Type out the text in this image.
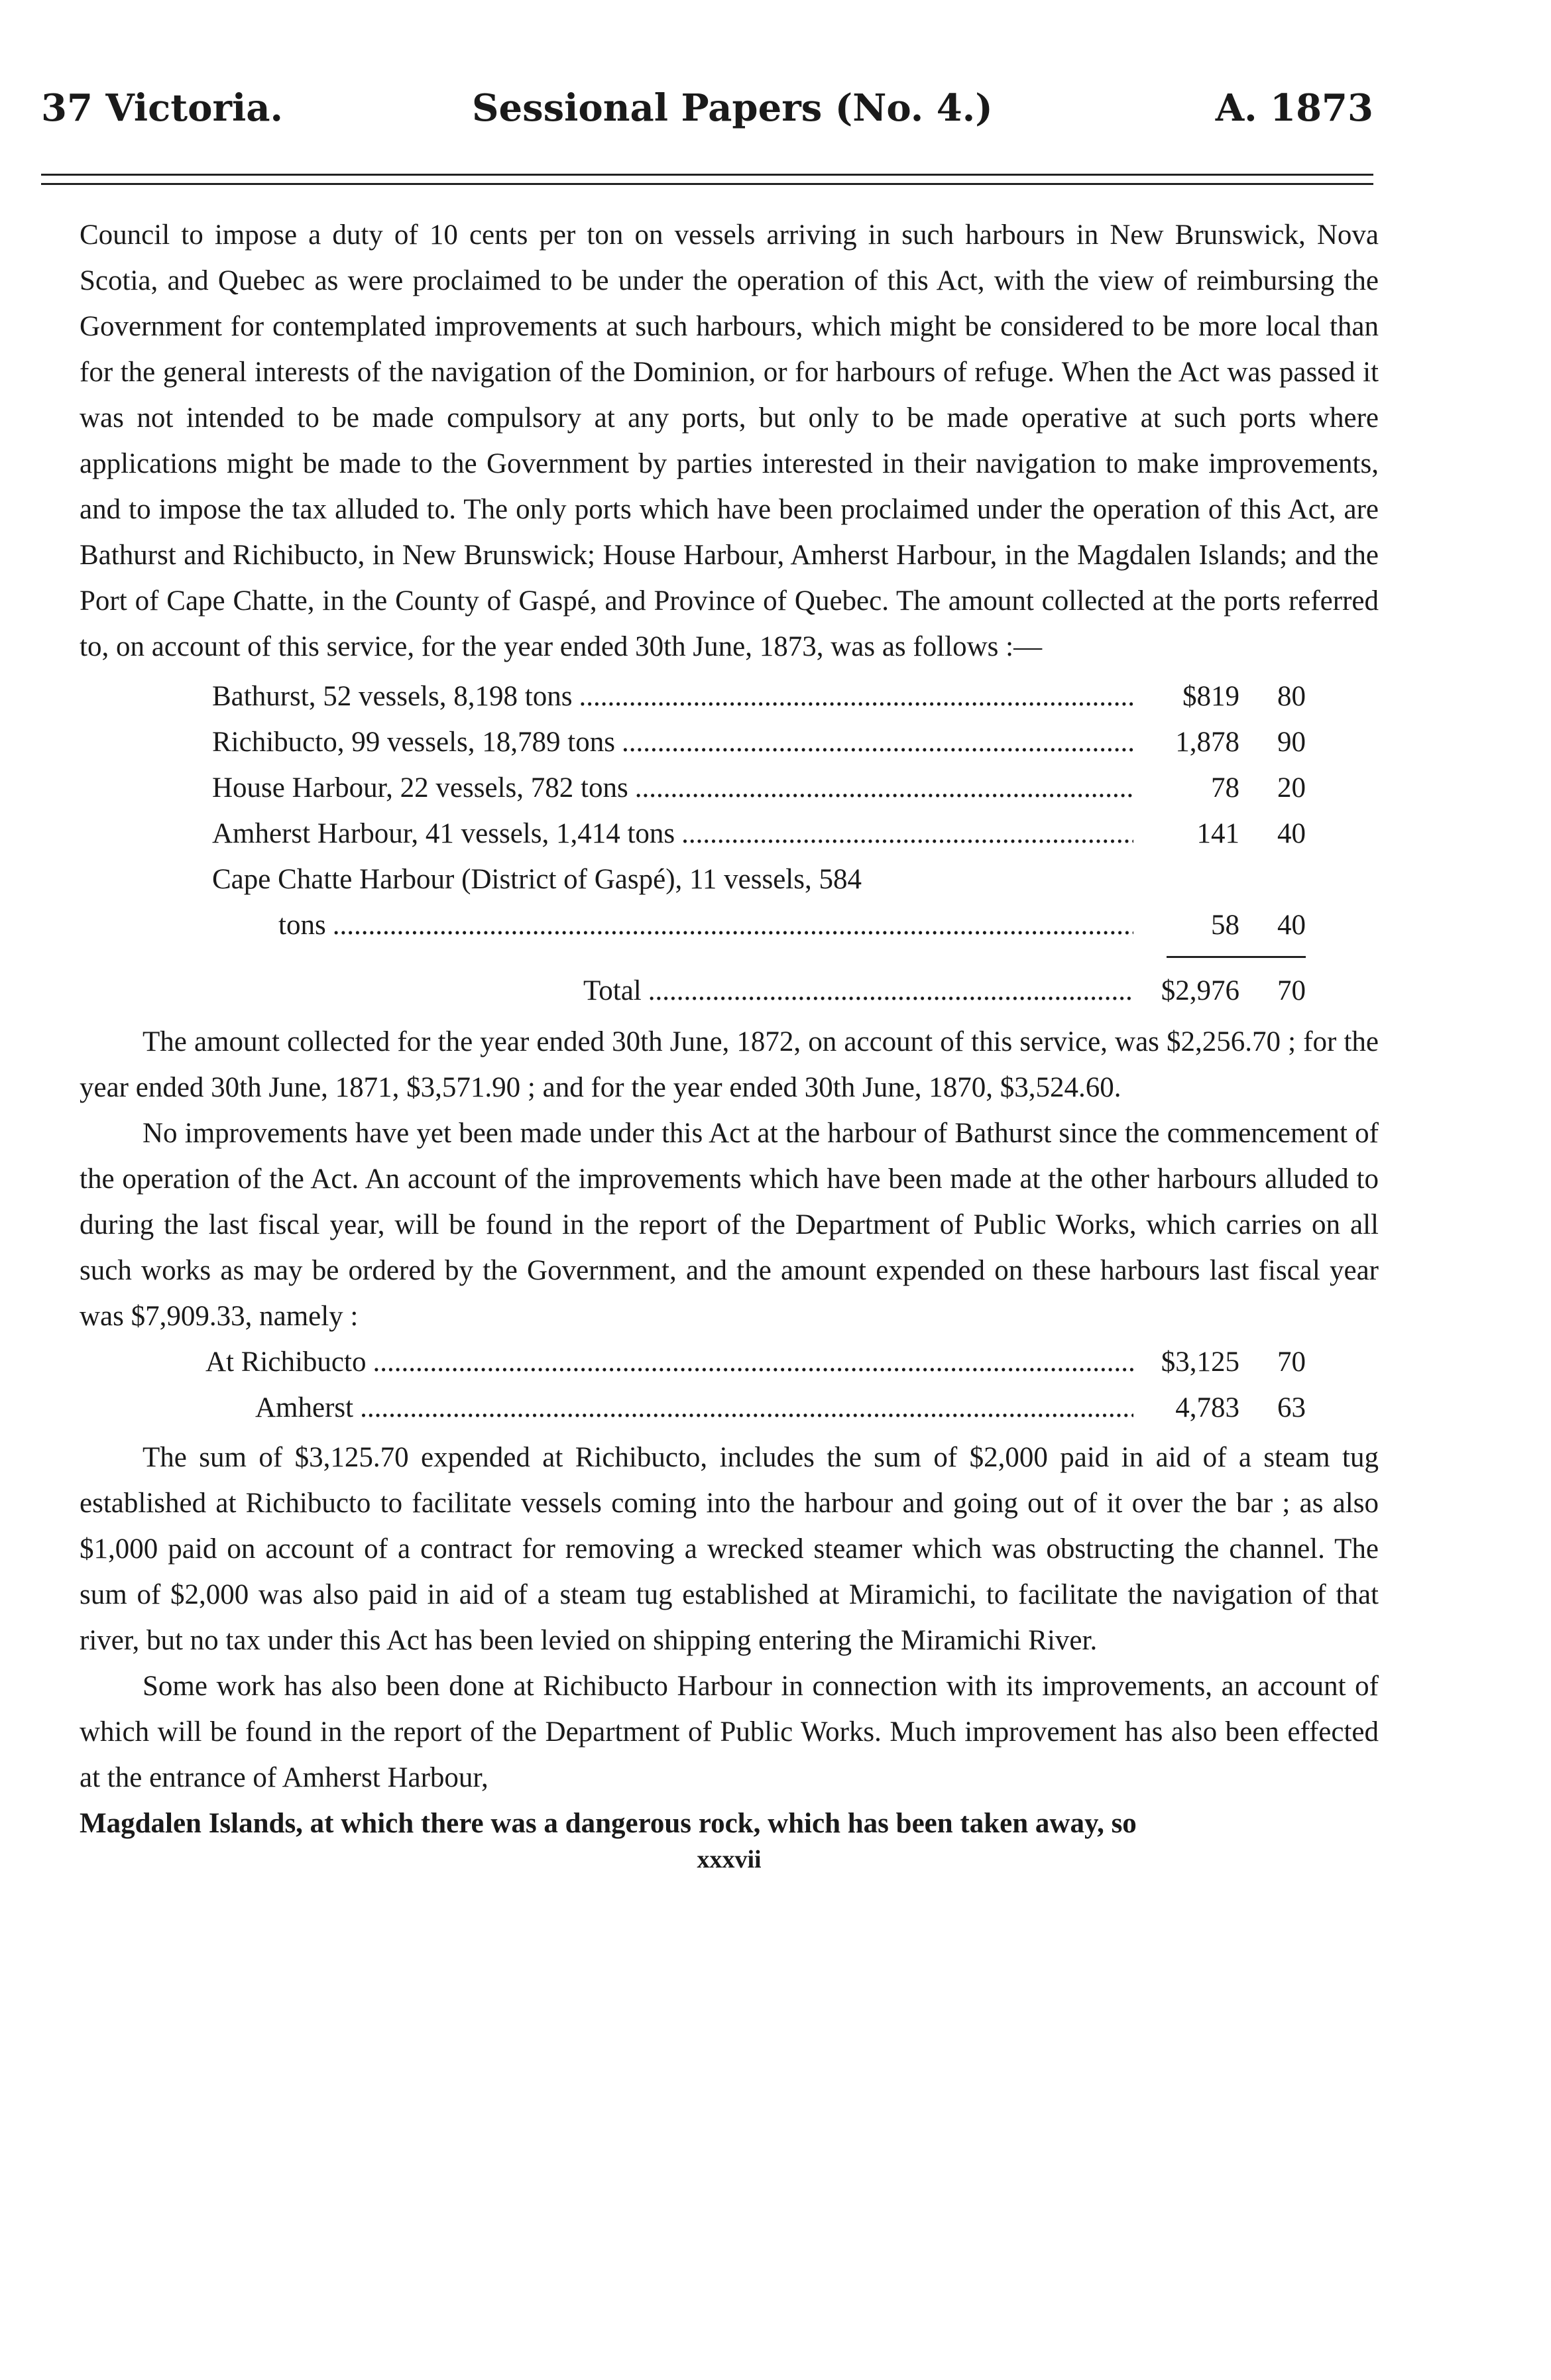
37 Victoria.	Sessional Papers (No. 4.)	A. 1873

Council to impose a duty of 10 cents per ton on vessels arriving in such harbours in New Brunswick, Nova Scotia, and Quebec as were proclaimed to be under the operation of this Act, with the view of reimbursing the Government for contemplated improvements at such harbours, which might be considered to be more local than for the general interests of the navigation of the Dominion, or for harbours of refuge. When the Act was passed it was not intended to be made compulsory at any ports, but only to be made operative at such ports where applications might be made to the Government by parties interested in their navigation to make improvements, and to impose the tax alluded to. The only ports which have been proclaimed under the operation of this Act, are Bathurst and Richibucto, in New Brunswick; House Harbour, Amherst Harbour, in the Magdalen Islands; and the Port of Cape Chatte, in the County of Gaspé, and Province of Quebec. The amount collected at the ports referred to, on account of this service, for the year ended 30th June, 1873, was as follows :—

Bathurst, 52 vessels, 8,198 tons .....	$819	80
Richibucto, 99 vessels, 18,789 tons .....	1,878	90
House Harbour, 22 vessels, 782 tons .....	78	20
Amherst Harbour, 41 vessels, 1,414 tons .....	141	40
Cape Chatte Harbour (District of Gaspé), 11 vessels, 584
tons .....	58	40
Total .....	$2,976	70

The amount collected for the year ended 30th June, 1872, on account of this service, was $2,256.70 ; for the year ended 30th June, 1871, $3,571.90 ; and for the year ended 30th June, 1870, $3,524.60.

No improvements have yet been made under this Act at the harbour of Bathurst since the commencement of the operation of the Act. An account of the improvements which have been made at the other harbours alluded to during the last fiscal year, will be found in the report of the Department of Public Works, which carries on all such works as may be ordered by the Government, and the amount expended on these harbours last fiscal year was $7,909.33, namely :

At Richibucto .....	$3,125	70
Amherst .....	4,783	63

The sum of $3,125.70 expended at Richibucto, includes the sum of $2,000 paid in aid of a steam tug established at Richibucto to facilitate vessels coming into the harbour and going out of it over the bar ; as also $1,000 paid on account of a contract for removing a wrecked steamer which was obstructing the channel. The sum of $2,000 was also paid in aid of a steam tug established at Miramichi, to facilitate the navigation of that river, but no tax under this Act has been levied on shipping entering the Miramichi River.

Some work has also been done at Richibucto Harbour in connection with its improvements, an account of which will be found in the report of the Department of Public Works. Much improvement has also been effected at the entrance of Amherst Harbour,

Magdalen Islands, at which there was a dangerous rock, which has been taken away, so

xxxvii
